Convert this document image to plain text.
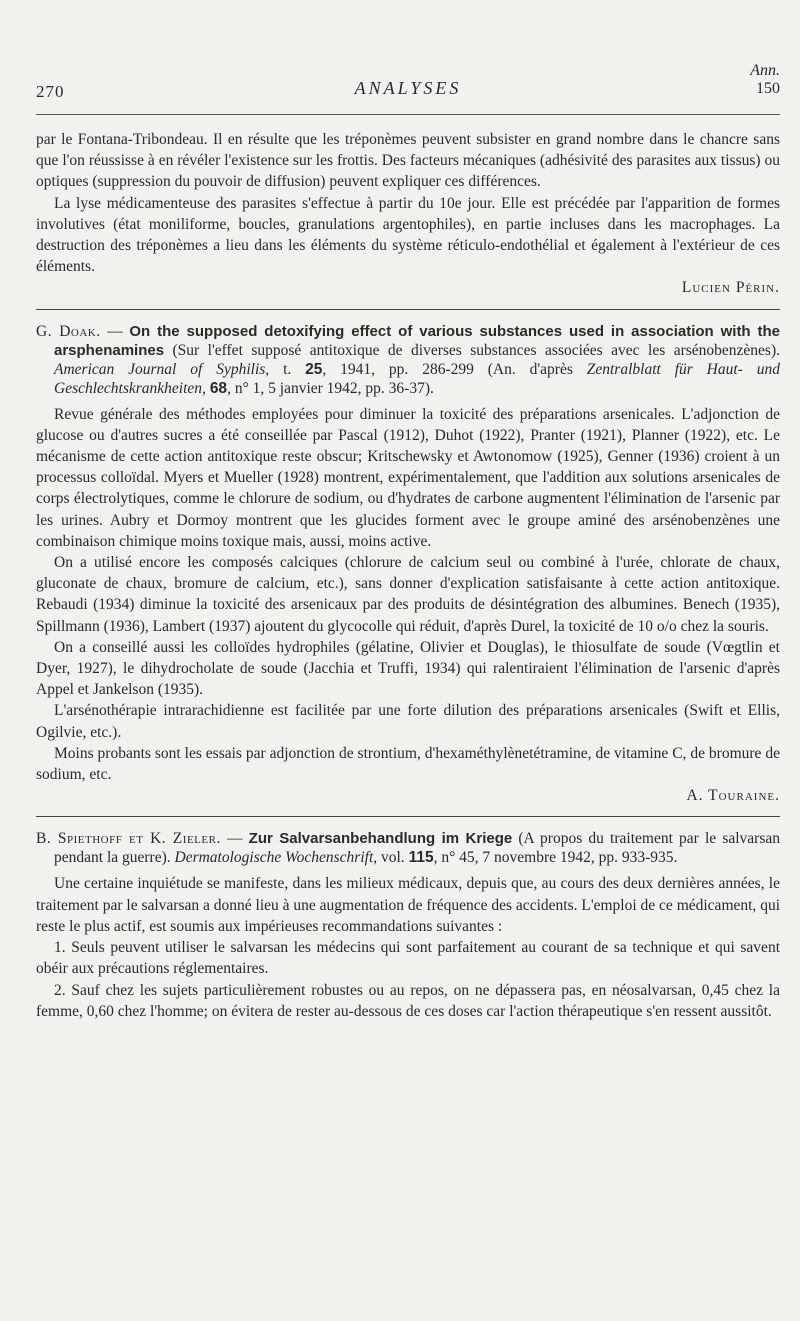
270	ANALYSES
Ann.
150

par le Fontana-Tribondeau. Il en résulte que les tréponèmes peuvent subsister en grand nombre dans le chancre sans que l'on réussisse à en révéler l'existence sur les frottis. Des facteurs mécaniques (adhésivité des parasites aux tissus) ou optiques (suppression du pouvoir de diffusion) peuvent expliquer ces différences.

La lyse médicamenteuse des parasites s'effectue à partir du 10e jour. Elle est précédée par l'apparition de formes involutives (état moniliforme, boucles, granulations argentophiles), en partie incluses dans les macrophages. La destruction des tréponèmes a lieu dans les éléments du système réticulo-endothélial et également à l'extérieur de ces éléments.

Lucien Périn.

G. Doak. — On the supposed detoxifying effect of various substances used in association with the arsphenamines (Sur l'effet supposé antitoxique de diverses substances associées avec les arsénobenzènes). American Journal of Syphilis, t. 25, 1941, pp. 286-299 (An. d'après Zentralblatt für Haut- und Geschlechtskrankheiten, 68, n° 1, 5 janvier 1942, pp. 36-37).

Revue générale des méthodes employées pour diminuer la toxicité des préparations arsenicales. L'adjonction de glucose ou d'autres sucres a été conseillée par Pascal (1912), Duhot (1922), Pranter (1921), Planner (1922), etc. Le mécanisme de cette action antitoxique reste obscur; Kritschewsky et Awtonomow (1925), Genner (1936) croient à un processus colloïdal. Myers et Mueller (1928) montrent, expérimentalement, que l'addition aux solutions arsenicales de corps électrolytiques, comme le chlorure de sodium, ou d'hydrates de carbone augmentent l'élimination de l'arsenic par les urines. Aubry et Dormoy montrent que les glucides forment avec le groupe aminé des arsénobenzènes une combinaison chimique moins toxique mais, aussi, moins active.

On a utilisé encore les composés calciques (chlorure de calcium seul ou combiné à l'urée, chlorate de chaux, gluconate de chaux, bromure de calcium, etc.), sans donner d'explication satisfaisante à cette action antitoxique. Rebaudi (1934) diminue la toxicité des arsenicaux par des produits de désintégration des albumines. Benech (1935), Spillmann (1936), Lambert (1937) ajoutent du glycocolle qui réduit, d'après Durel, la toxicité de 10 o/o chez la souris.

On a conseillé aussi les colloïdes hydrophiles (gélatine, Olivier et Douglas), le thiosulfate de soude (Vœgtlin et Dyer, 1927), le dihydrocholate de soude (Jacchia et Truffi, 1934) qui ralentiraient l'élimination de l'arsenic d'après Appel et Jankelson (1935).

L'arsénothérapie intrarachidienne est facilitée par une forte dilution des préparations arsenicales (Swift et Ellis, Ogilvie, etc.).

Moins probants sont les essais par adjonction de strontium, d'hexaméthylènetétramine, de vitamine C, de bromure de sodium, etc.

A. Touraine.

B. Spiethoff et K. Zieler. — Zur Salvarsanbehandlung im Kriege (A propos du traitement par le salvarsan pendant la guerre). Dermatologische Wochenschrift, vol. 115, n° 45, 7 novembre 1942, pp. 933-935.

Une certaine inquiétude se manifeste, dans les milieux médicaux, depuis que, au cours des deux dernières années, le traitement par le salvarsan a donné lieu à une augmentation de fréquence des accidents. L'emploi de ce médicament, qui reste le plus actif, est soumis aux impérieuses recommandations suivantes :

1. Seuls peuvent utiliser le salvarsan les médecins qui sont parfaitement au courant de sa technique et qui savent obéir aux précautions réglementaires.

2. Sauf chez les sujets particulièrement robustes ou au repos, on ne dépassera pas, en néosalvarsan, 0,45 chez la femme, 0,60 chez l'homme; on évitera de rester au-dessous de ces doses car l'action thérapeutique s'en ressent aussitôt.
